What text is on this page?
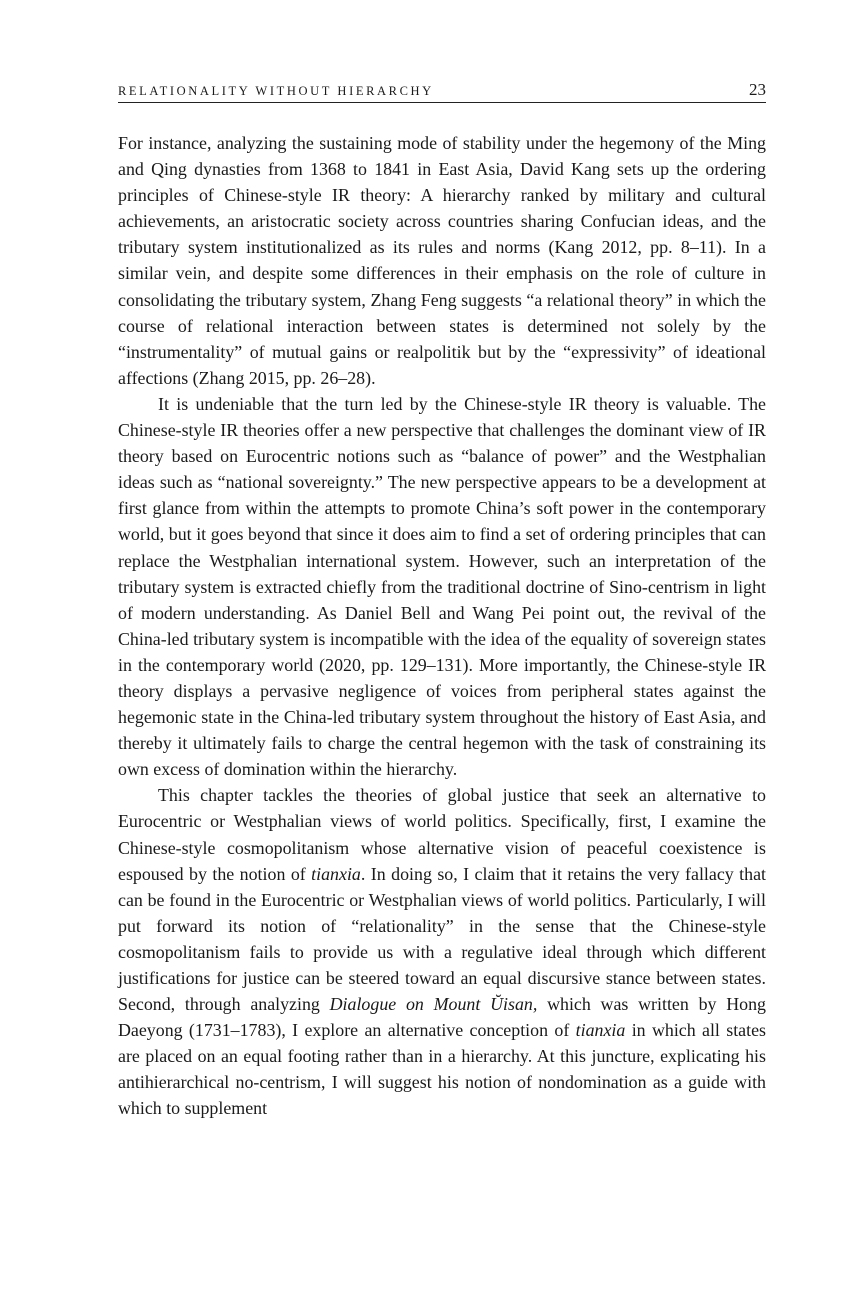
RELATIONALITY WITHOUT HIERARCHY	23

For instance, analyzing the sustaining mode of stability under the hegemony of the Ming and Qing dynasties from 1368 to 1841 in East Asia, David Kang sets up the ordering principles of Chinese-style IR theory: A hierarchy ranked by military and cultural achievements, an aristocratic society across countries sharing Confucian ideas, and the tributary system institutionalized as its rules and norms (Kang 2012, pp. 8–11). In a similar vein, and despite some differences in their emphasis on the role of culture in consolidating the tributary system, Zhang Feng suggests “a relational theory” in which the course of relational interaction between states is determined not solely by the “instrumentality” of mutual gains or realpolitik but by the “expressivity” of ideational affections (Zhang 2015, pp. 26–28).

It is undeniable that the turn led by the Chinese-style IR theory is valuable. The Chinese-style IR theories offer a new perspective that challenges the dominant view of IR theory based on Eurocentric notions such as “balance of power” and the Westphalian ideas such as “national sovereignty.” The new perspective appears to be a development at first glance from within the attempts to promote China’s soft power in the contemporary world, but it goes beyond that since it does aim to find a set of ordering principles that can replace the Westphalian international system. However, such an interpretation of the tributary system is extracted chiefly from the traditional doctrine of Sino-centrism in light of modern understanding. As Daniel Bell and Wang Pei point out, the revival of the China-led tributary system is incompatible with the idea of the equality of sovereign states in the contemporary world (2020, pp. 129–131). More importantly, the Chinese-style IR theory displays a pervasive negligence of voices from peripheral states against the hegemonic state in the China-led tributary system throughout the history of East Asia, and thereby it ultimately fails to charge the central hegemon with the task of constraining its own excess of domination within the hierarchy.

This chapter tackles the theories of global justice that seek an alternative to Eurocentric or Westphalian views of world politics. Specifically, first, I examine the Chinese-style cosmopolitanism whose alternative vision of peaceful coexistence is espoused by the notion of tianxia. In doing so, I claim that it retains the very fallacy that can be found in the Eurocentric or Westphalian views of world politics. Particularly, I will put forward its notion of “relationality” in the sense that the Chinese-style cosmopolitanism fails to provide us with a regulative ideal through which different justifications for justice can be steered toward an equal discursive stance between states. Second, through analyzing Dialogue on Mount Ŭisan, which was written by Hong Daeyong (1731–1783), I explore an alternative conception of tianxia in which all states are placed on an equal footing rather than in a hierarchy. At this juncture, explicating his antihierarchical no-centrism, I will suggest his notion of nondomination as a guide with which to supplement
